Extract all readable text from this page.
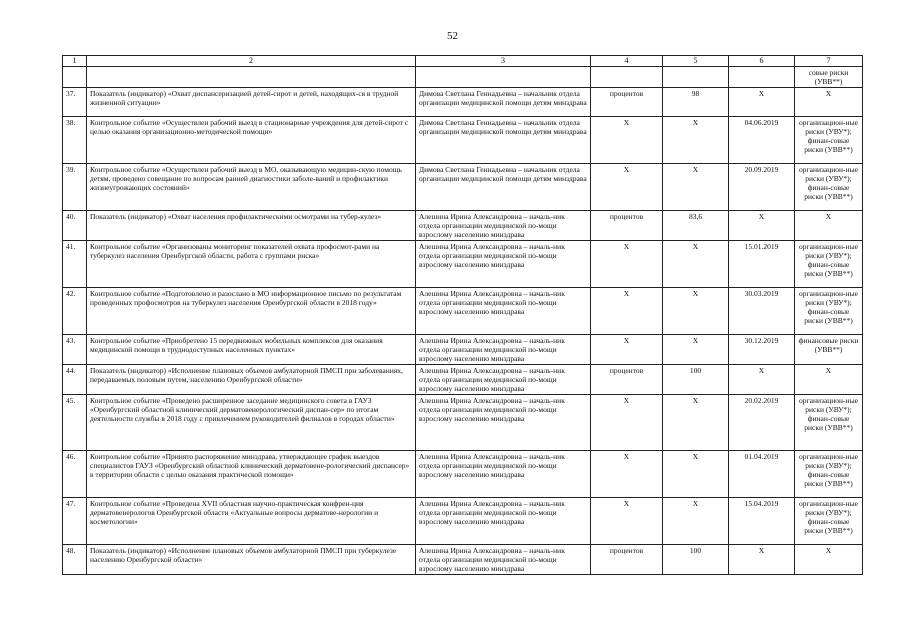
52
1	2	3	4	5	6	7
						совые риски (УВВ**)
37.	Показатель (индикатор) «Охват диспансеризацией детей-сирот и детей, находящих-ся в трудной жизненной ситуации»	Димова Светлана Геннадьевна – начальник отдела организации медицинской помощи детям минздрава	процентов	98	X	X
38.	Контрольное событие «Осуществлен рабочий выезд в стационарные учреждения для детей-сирот с целью оказания организационно-методической помощи»	Димова Светлана Геннадьевна – начальник отдела организации медицинской помощи детям минздрава	X	X	04.06.2019	организацион-ные риски (УВУ*); финан-совые риски (УВВ**)
39.	Контрольное событие «Осуществлен рабочий выезд в МО, оказывающую медицин-скую помощь детям, проведено совещание по вопросам ранней диагностики заболе-ваний и профилактики жизнеугрожающих состояний»	Димова Светлана Геннадьевна – начальник отдела организации медицинской помощи детям минздрава	X	X	20.09.2019	организацион-ные риски (УВУ*); финан-совые риски (УВВ**)
40.	Показатель (индикатор) «Охват населения профилактическими осмотрами на тубер-кулез»	Алешина Ирина Александровна – началь-ник отдела организации медицинской по-мощи взрослому населению минздрава	процентов	83,6	X	X
41.	Контрольное событие «Организованы мониторинг показателей охвата профосмот-рами на туберкулез населения Оренбургской области, работа с группами риска»	Алешина Ирина Александровна – началь-ник отдела организации медицинской по-мощи взрослому населению минздрава	X	X	15.01.2019	организацион-ные риски (УВУ*); финан-совые риски (УВВ**)
42.	Контрольное событие «Подготовлено и разослано в МО информационное письмо по результатам проведенных профосмотров на туберкулез населения Оренбургской области в 2018 году»	Алешина Ирина Александровна – началь-ник отдела организации медицинской по-мощи взрослому населению минздрава	X	X	30.03.2019	организацион-ные риски (УВУ*); финан-совые риски (УВВ**)
43.	Контрольное событие «Приобретено 15 передвижных мобильных комплексов для оказания медицинской помощи в труднодоступных населенных пунктах»	Алешина Ирина Александровна – началь-ник отдела организации медицинской по-мощи взрослому населению минздрава	X	X	30.12.2019	финансовые риски (УВВ**)
44.	Показатель (индикатор) «Исполнение плановых объемов амбулаторной ПМСП при заболеваниях, передаваемых половым путем, населению Оренбургской области»	Алешина Ирина Александровна – началь-ник отдела организации медицинской по-мощи взрослому населению минздрава	процентов	100	X	X
45.	Контрольное событие «Проведено расширенное заседание медицинского совета в ГАУЗ «Оренбургский областной клинический дерматовенерологический диспан-сер» по итогам деятельности службы в 2018 году с привлечением руководителей филиалов в городах области»	Алешина Ирина Александровна – началь-ник отдела организации медицинской по-мощи взрослому населению минздрава	X	X	20.02.2019	организацион-ные риски (УВУ*); финан-совые риски (УВВ**)
46.	Контрольное событие «Принято распоряжение минздрава, утверждающее график выездов специалистов ГАУЗ «Оренбургский областной клинический дерматовене-рологический диспансер» в территории области с целью оказания практической помощи»	Алешина Ирина Александровна – началь-ник отдела организации медицинской по-мощи взрослому населению минздрава	X	X	01.04.2019	организацион-ные риски (УВУ*); финан-совые риски (УВВ**)
47.	Контрольное событие «Проведена XVII областная научно-практическая конфрен-ция дерматовенерологов Оренбургской области «Актуальные вопросы дерматове-нерологии и косметологии»	Алешина Ирина Александровна – началь-ник отдела организации медицинской по-мощи взрослому населению минздрава	X	X	15.04.2019	организацион-ные риски (УВУ*); финан-совые риски (УВВ**)
48.	Показатель (индикатор) «Исполнение плановых объемов амбулаторной ПМСП при туберкулезе населению Оренбургской области»	Алешина Ирина Александровна – началь-ник отдела организации медицинской по-мощи взрослому населению минздрава	процентов	100	X	X
